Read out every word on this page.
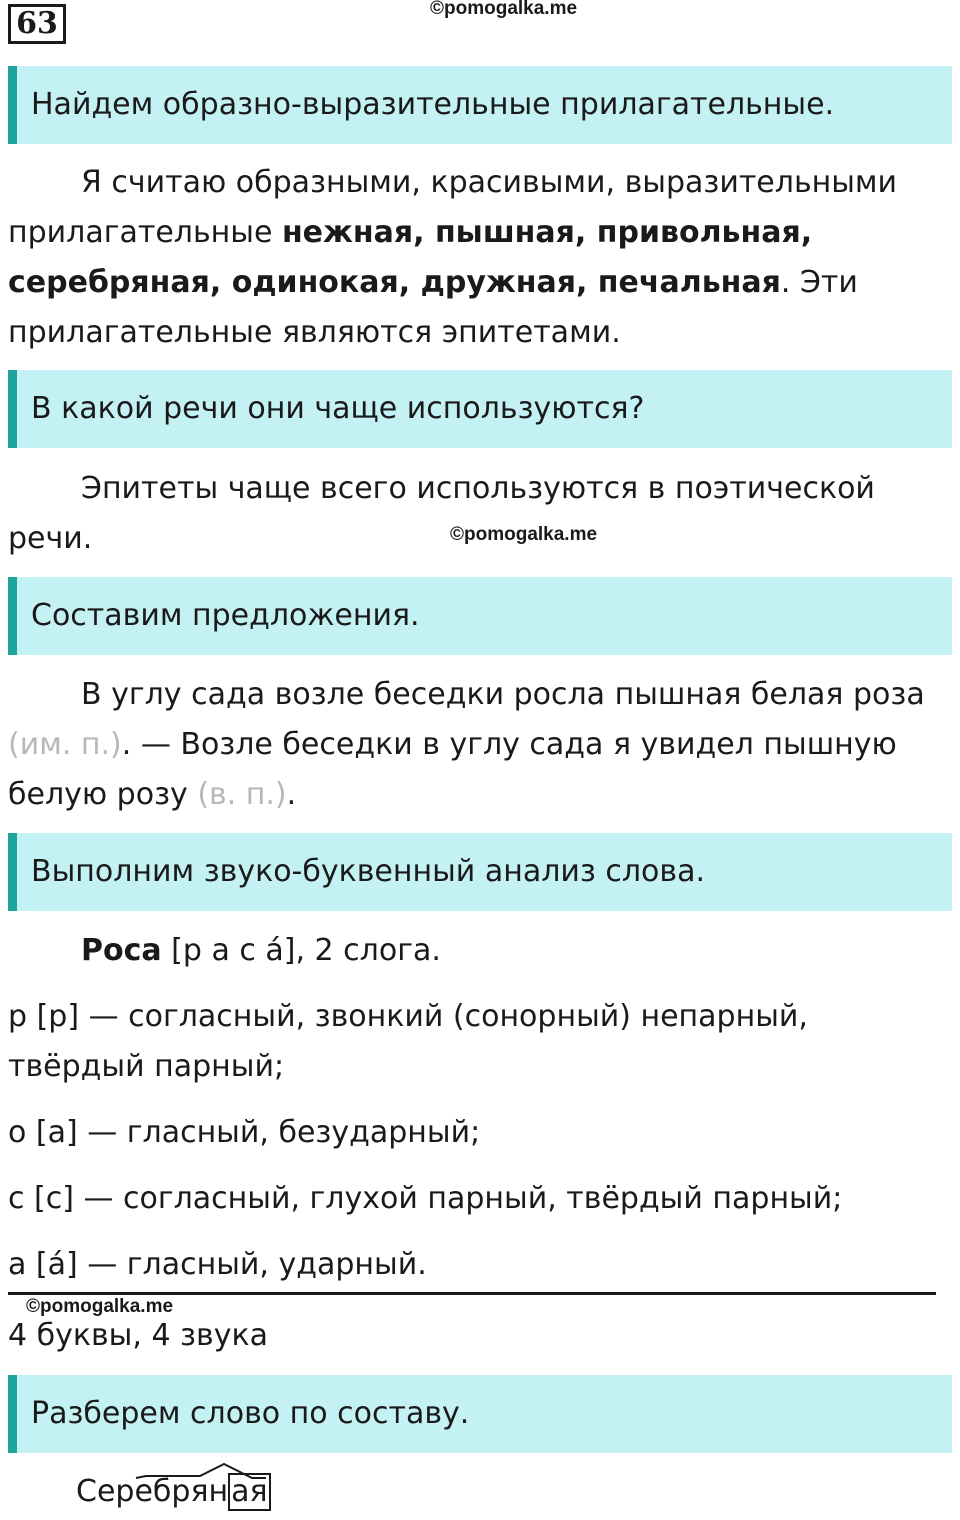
63	©pomogalka.me
Найдем образно-выразительные прилагательные.

Я считаю образными, красивыми, выразительными прилагательные нежная, пышная, привольная, серебряная, одинокая, дружная, печальная. Эти прилагательные являются эпитетами.

В какой речи они чаще используются?

Эпитеты чаще всего используются в поэтической речи.	©pomogalka.me
Составим предложения.

В углу сада возле беседки росла пышная белая роза (им. п.). — Возле беседки в углу сада я увидел пышную белую розу (в. п.).

Выполним звуко-буквенный анализ слова.

Роса [р а с а́], 2 слога.

р [р] — согласный, звонкий (сонорный) непарный, твёрдый парный;

о [а] — гласный, безударный;

с [с] — согласный, глухой парный, твёрдый парный;

а [а́] — гласный, ударный.

©pomogalka.me

4 буквы, 4 звука

Разберем слово по составу.
Серебрян ая
